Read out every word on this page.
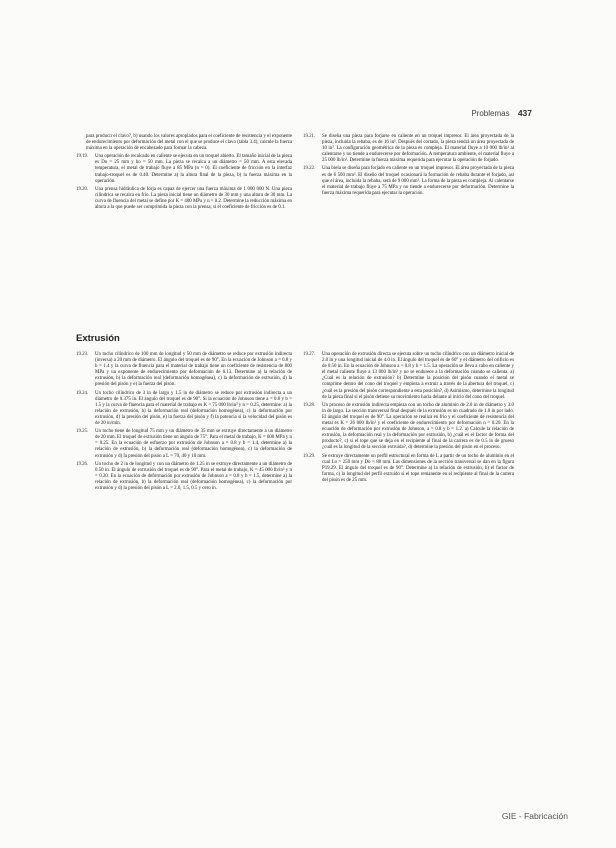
Problemas 437
para producir el clavo?, b) usando los valores apropiados para el coeficiente de resistencia y el exponente de endurecimiento por deformación del metal con el que se produce el clavo (tabla 3.4), calcule la fuerza máxima en la operación de encabezado para formar la cabeza.
19.19.	Una operación de recalcado en caliente se ejecuta en un troquel abierto. El tamaño inicial de la pieza es Do = 25 mm y ho = 50 mm. La pieza se recalca a un diámetro = 50 mm. A esta elevada temperatura, el metal de trabajo fluye a 85 MPa (n = 0). El coeficiente de fricción en la interfaz trabajo-troquel es de 0.40. Determine a) la altura final de la pieza, b) la fuerza máxima en la operación.
19.20.	Una prensa hidráulica de forja es capaz de ejercer una fuerza máxima de 1 000 000 N. Una pieza cilíndrica se recalca en frío. La pieza inicial tiene un diámetro de 30 mm y una altura de 30 mm. La curva de fluencia del metal se define por K = 400 MPa y n = 0.2. Determine la reducción máxima en altura a la que puede ser comprimida la pieza con la prensa, si el coeficiente de fricción es de 0.1.
19.21.	Se diseña una pieza para forjarse en caliente en un troquel impresor. El área proyectada de la pieza, incluida la rebaba, es de 16 in². Después del cortado, la pieza tendrá un área proyectada de 10 in². La configuración geométrica de la pieza es compleja. El material fluye a 10 000 lb/in² al calentarse y no tiende a endurecerse por deformación. A temperatura ambiente, el material fluye a 25 000 lb/in². Determine la fuerza máxima requerida para ejecutar la operación de forjado.
19.22.	Una biela se diseña para forjado en caliente en un troquel impresor. El área proyectada de la pieza es de 6 500 mm². El diseño del troquel ocasionará la formación de rebaba durante el forjado, así que el área, incluida la rebaba, será de 9 000 mm². La forma de la pieza es compleja. Al calentarse el material de trabajo fluye a 75 MPa y no tiende a endurecerse por deformación. Determine la fuerza máxima requerida para ejecutar la operación.
Extrusión
19.23.	Un tocho cilíndrico de 100 mm de longitud y 50 mm de diámetro se reduce por extrusión indirecta (inversa) a 20 mm de diámetro. El ángulo del troquel es de 90°. En la ecuación de Johnson a = 0.8 y b = 1.4 y la curva de fluencia para el material de trabajo tiene un coeficiente de resistencia de 800 MPa y un exponente de endurecimiento por deformación de 0.13. Determine a) la relación de extrusión, b) la deformación real (deformación homogénea), c) la deformación de extrusión, d) la presión del pisón y e) la fuerza del pisón.
19.24.	Un tocho cilíndrico de 3 in de largo y 1.5 in de diámetro se reduce por extrusión indirecta a un diámetro de 0.375 in. El ángulo del troquel es de 90°. Si la ecuación de Johnson tiene a = 0.8 y b = 1.5 y la curva de fluencia para el material de trabajo es K = 75 000 lb/in² y n = 0.25, determine: a) la relación de extrusión, b) la deformación real (deformación homogénea), c) la deformación por extrusión, d) la presión del pisón, e) la fuerza del pisón y f) la potencia si la velocidad del pisón es de 20 in/min.
19.25.	Un tocho tiene de longitud 75 mm y un diámetro de 35 mm se extruye directamente a un diámetro de 20 mm. El troquel de extrusión tiene un ángulo de 75°. Para el metal de trabajo, K = 600 MPa y n = 0.25. En la ecuación de esfuerzo por extrusión de Johnson a = 0.8 y b = 1.4, determine a) la relación de extrusión, b) la deformación real (deformación homogénea), c) la deformación de extrusión y d) la presión del pisón a L = 70, 40 y 10 mm.
19.26.	Un tocho de 2 in de longitud y con un diámetro de 1.25 in se extruye directamente a un diámetro de 0.50 in. El ángulo de extrusión del troquel es de 90°. Para el metal de trabajo, K = 45 000 lb/in² y n = 0.20. En la ecuación de deformación por extrusión de Johnson a = 0.8 y b = 1.5, determine a) la relación de extrusión, b) la deformación real (deformación homogénea), c) la deformación por extrusión y d) la presión del pisón a L = 2.0, 1.5, 0.5 y cero in.
19.27.	Una operación de extrusión directa se ejecuta sobre un tocho cilíndrico con un diámetro inicial de 2.0 in y una longitud inicial de 4.0 in. El ángulo del troquel es de 60° y el diámetro del orificio es de 0.50 in. En la ecuación de Johnson a = 0.8 y b = 1.5. La operación se lleva a cabo en caliente y el metal caliente fluye a 13 000 lb/in² y no se endurece a la deformación cuando se calienta. a) ¿Cuál es la relación de extrusión? b) Determine la posición del pisón cuando el metal se comprime dentro del cono del troquel y empieza a extruir a través de la abertura del troquel, c) ¿cuál es la presión del pisón correspondiente a esta posición?, d) Asimismo, determine la longitud de la pieza final si el pisón detiene su movimiento hacia delante al inicio del cono del troquel.
19.28.	Un proceso de extrusión indirecta empieza con un tocho de aluminio de 2.0 in de diámetro y 3.0 in de largo. La sección transversal final después de la extrusión es un cuadrado de 1.0 in por lado. El ángulo del troquel es de 90°. La operación se realiza en frío y el coeficiente de resistencia del metal es K = 26 000 lb/in² y el coeficiente de endurecimiento por deformación n = 0.20. En la ecuación de deformación por extrusión de Johnson, a = 0.8 y b = 1.2. a) Calcule la relación de extrusión, la deformación real y la deformación por extrusión, b) ¿cuál es el factor de forma del producto?, c) si el tope que se deja en el recipiente al final de la carrera es de 0.5 in de grueso ¿cuál es la longitud de la sección extruida?, d) determine la presión del pisón en el proceso.
19.29.	Se extruye directamente un perfil estructural en forma de L a partir de un tocho de aluminio en el cual Lo = 250 mm y Do = 88 mm. Las dimensiones de la sección transversal se dan en la figura P19.29. El ángulo del troquel es de 90°. Determine a) la relación de extrusión, b) el factor de forma, c) la longitud del perfil extruido si el tope remanente en el recipiente al final de la carrera del pisón es de 25 mm.
GIE - Fabricación
